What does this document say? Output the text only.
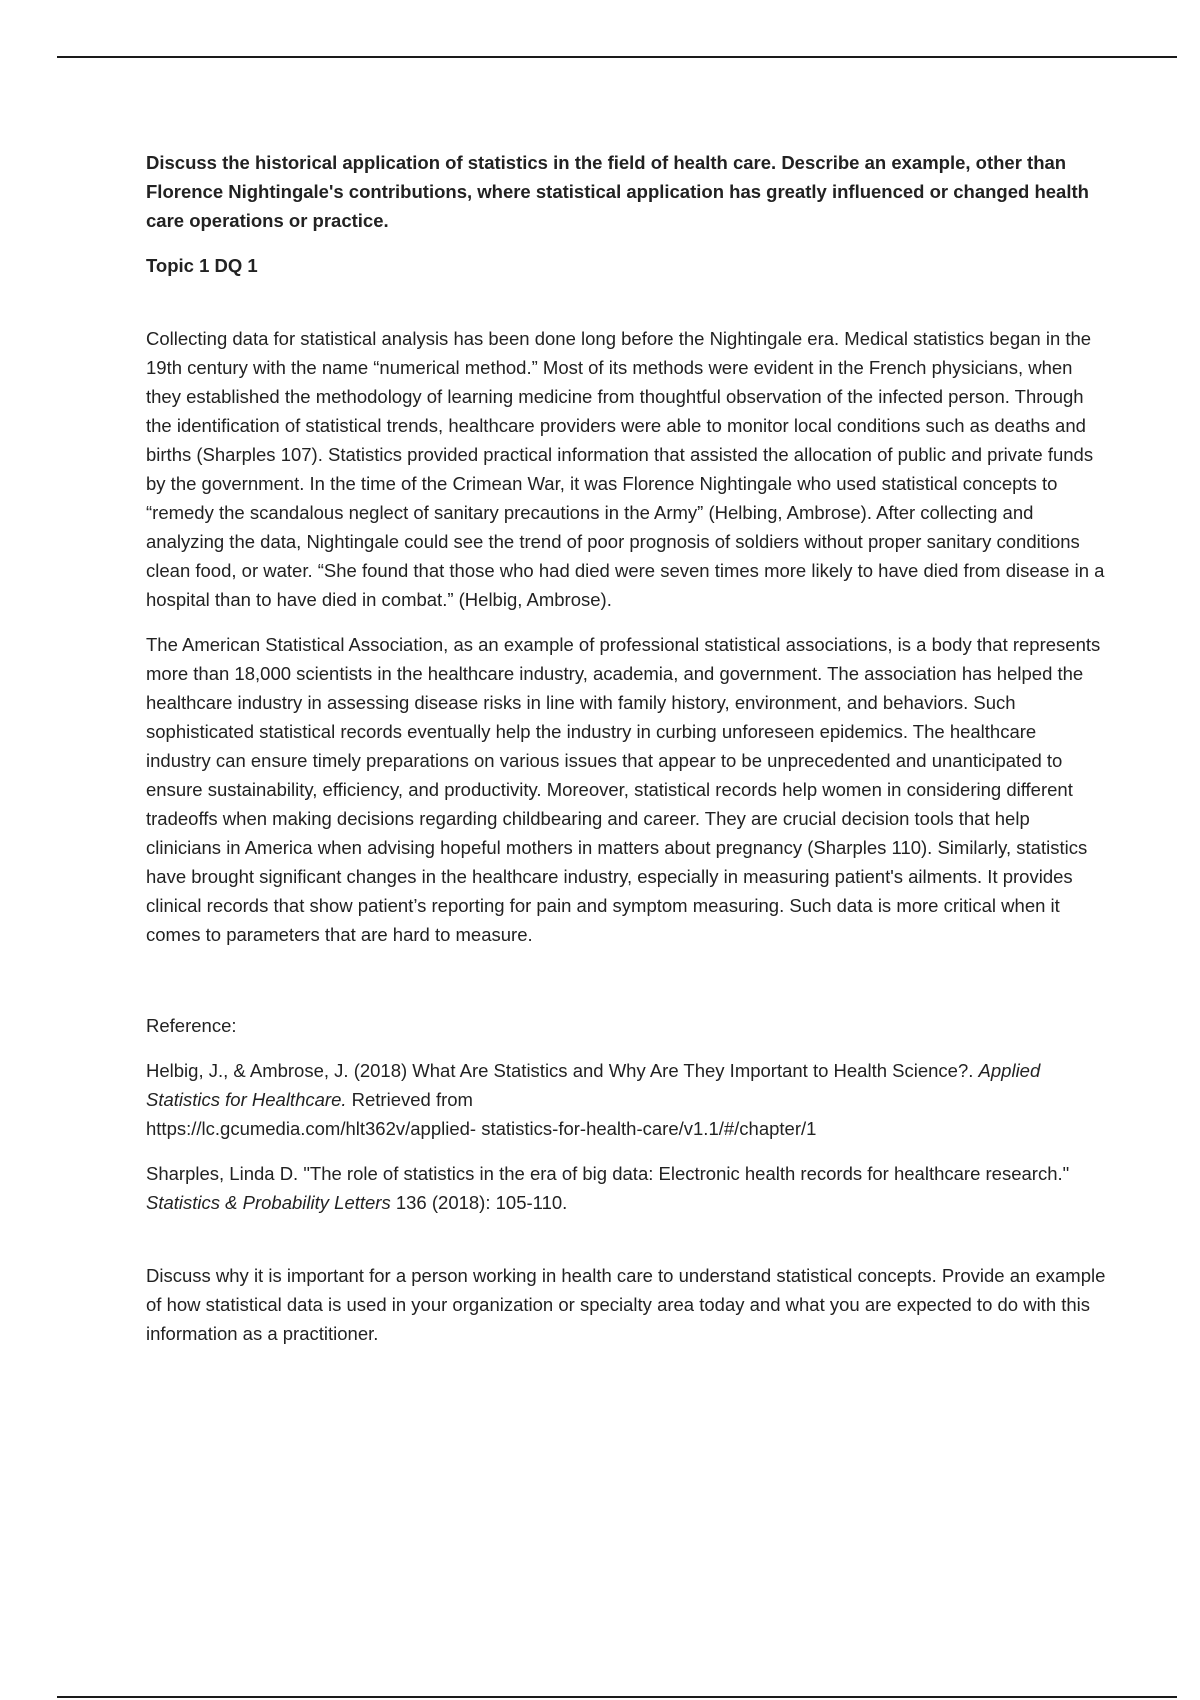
Discuss the historical application of statistics in the field of health care. Describe an example, other than Florence Nightingale's contributions, where statistical application has greatly influenced or changed health care operations or practice.

Topic 1 DQ 1

Collecting data for statistical analysis has been done long before the Nightingale era. Medical statistics began in the 19th century with the name “numerical method.” Most of its methods were evident in the French physicians, when they established the methodology of learning medicine from thoughtful observation of the infected person. Through the identification of statistical trends, healthcare providers were able to monitor local conditions such as deaths and births (Sharples 107). Statistics provided practical information that assisted the allocation of public and private funds by the government. In the time of the Crimean War, it was Florence Nightingale who used statistical concepts to “remedy the scandalous neglect of sanitary precautions in the Army” (Helbing, Ambrose). After collecting and analyzing the data, Nightingale could see the trend of poor prognosis of soldiers without proper sanitary conditions clean food, or water. “She found that those who had died were seven times more likely to have died from disease in a hospital than to have died in combat.” (Helbig, Ambrose).

The American Statistical Association, as an example of professional statistical associations, is a body that represents more than 18,000 scientists in the healthcare industry, academia, and government. The association has helped the healthcare industry in assessing disease risks in line with family history, environment, and behaviors. Such sophisticated statistical records eventually help the industry in curbing unforeseen epidemics. The healthcare industry can ensure timely preparations on various issues that appear to be unprecedented and unanticipated to ensure sustainability, efficiency, and productivity. Moreover, statistical records help women in considering different tradeoffs when making decisions regarding childbearing and career. They are crucial decision tools that help clinicians in America when advising hopeful mothers in matters about pregnancy (Sharples 110). Similarly, statistics have brought significant changes in the healthcare industry, especially in measuring patient's ailments. It provides clinical records that show patient’s reporting for pain and symptom measuring. Such data is more critical when it comes to parameters that are hard to measure.

Reference:

Helbig, J., & Ambrose, J. (2018) What Are Statistics and Why Are They Important to Health Science?. Applied Statistics for Healthcare. Retrieved from
https://lc.gcumedia.com/hlt362v/applied- statistics-for-health-care/v1.1/#/chapter/1

Sharples, Linda D. "The role of statistics in the era of big data: Electronic health records for healthcare research." Statistics & Probability Letters 136 (2018): 105-110.

Discuss why it is important for a person working in health care to understand statistical concepts. Provide an example of how statistical data is used in your organization or specialty area today and what you are expected to do with this information as a practitioner.
